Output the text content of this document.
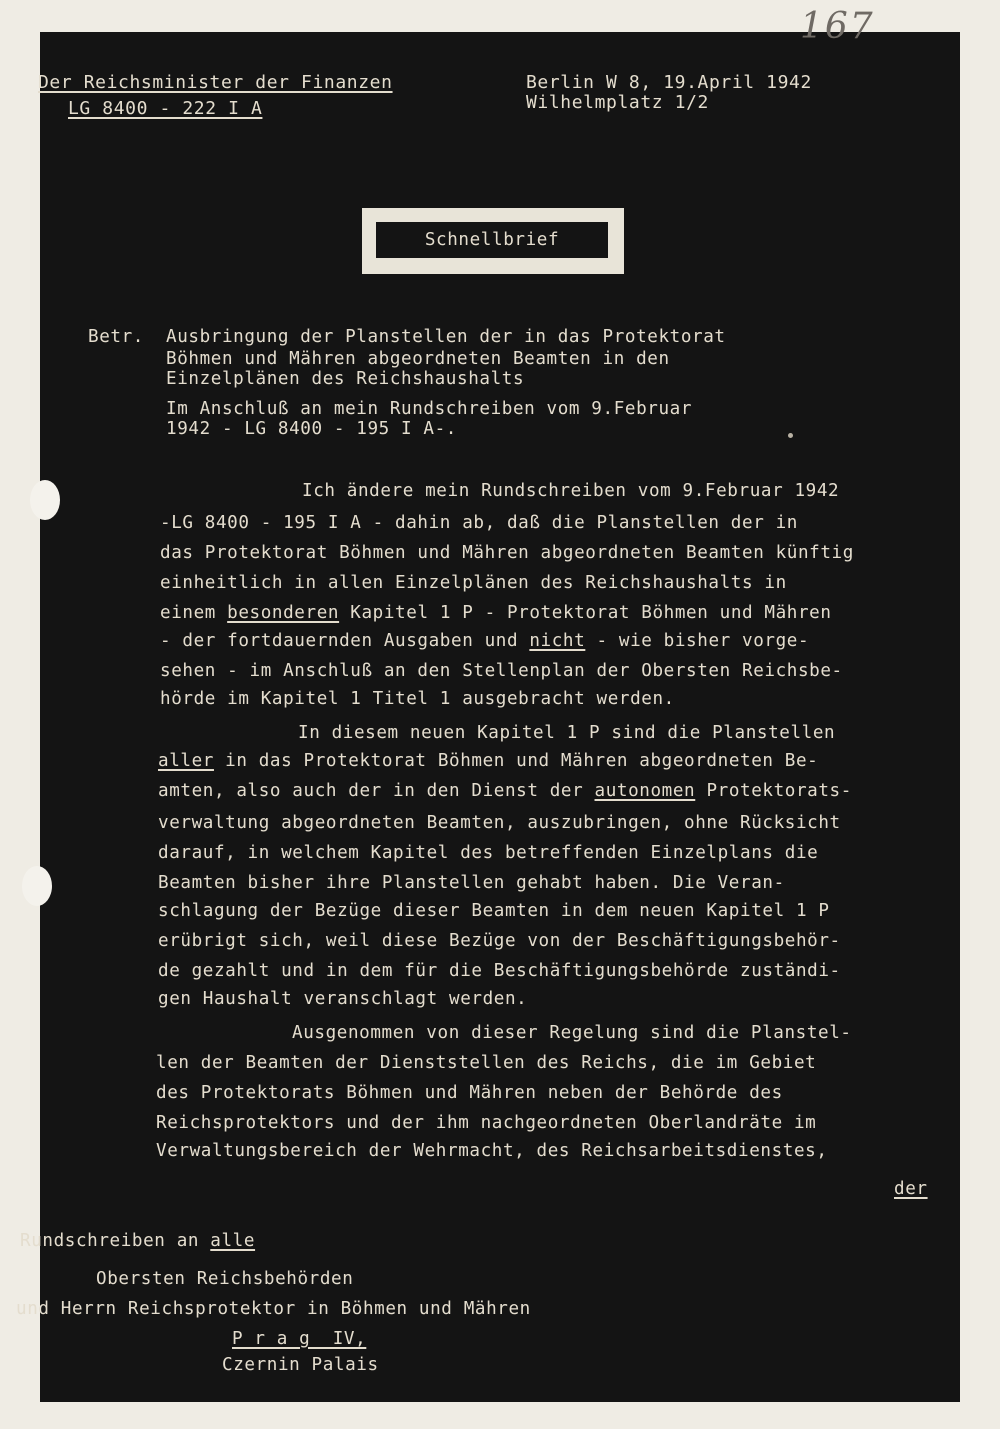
167
Der Reichsminister der Finanzen
LG 8400 - 222 I A
Berlin W 8, 19.April 1942
Wilhelmplatz 1/2
Schnellbrief
Betr. Ausbringung der Planstellen der in das Protektorat
Böhmen und Mähren abgeordneten Beamten in den
Einzelplänen des Reichshaushalts
Im Anschluß an mein Rundschreiben vom 9.Februar
1942 - LG 8400 - 195 I A-.
Ich ändere mein Rundschreiben vom 9.Februar 1942
-LG 8400 - 195 I A - dahin ab, daß die Planstellen der in
das Protektorat Böhmen und Mähren abgeordneten Beamten künftig
einheitlich in allen Einzelplänen des Reichshaushalts in
einem besonderen Kapitel 1 P - Protektorat Böhmen und Mähren
- der fortdauernden Ausgaben und nicht - wie bisher vorge-
sehen - im Anschluß an den Stellenplan der Obersten Reichsbe-
hörde im Kapitel 1 Titel 1 ausgebracht werden.
In diesem neuen Kapitel 1 P sind die Planstellen
aller in das Protektorat Böhmen und Mähren abgeordneten Be-
amten, also auch der in den Dienst der autonomen Protektorats-
verwaltung abgeordneten Beamten, auszubringen, ohne Rücksicht
darauf, in welchem Kapitel des betreffenden Einzelplans die
Beamten bisher ihre Planstellen gehabt haben. Die Veran-
schlagung der Bezüge dieser Beamten in dem neuen Kapitel 1 P
erübrigt sich, weil diese Bezüge von der Beschäftigungsbehör-
de gezahlt und in dem für die Beschäftigungsbehörde zuständi-
gen Haushalt veranschlagt werden.
Ausgenommen von dieser Regelung sind die Planstel-
len der Beamten der Dienststellen des Reichs, die im Gebiet
des Protektorats Böhmen und Mähren neben der Behörde des
Reichsprotektors und der ihm nachgeordneten Oberlandräte im
Verwaltungsbereich der Wehrmacht, des Reichsarbeitsdienstes,
der
Rundschreiben an alle
Obersten Reichsbehörden
und Herrn Reichsprotektor in Böhmen und Mähren
P r a g  IV,
Czernin Palais
